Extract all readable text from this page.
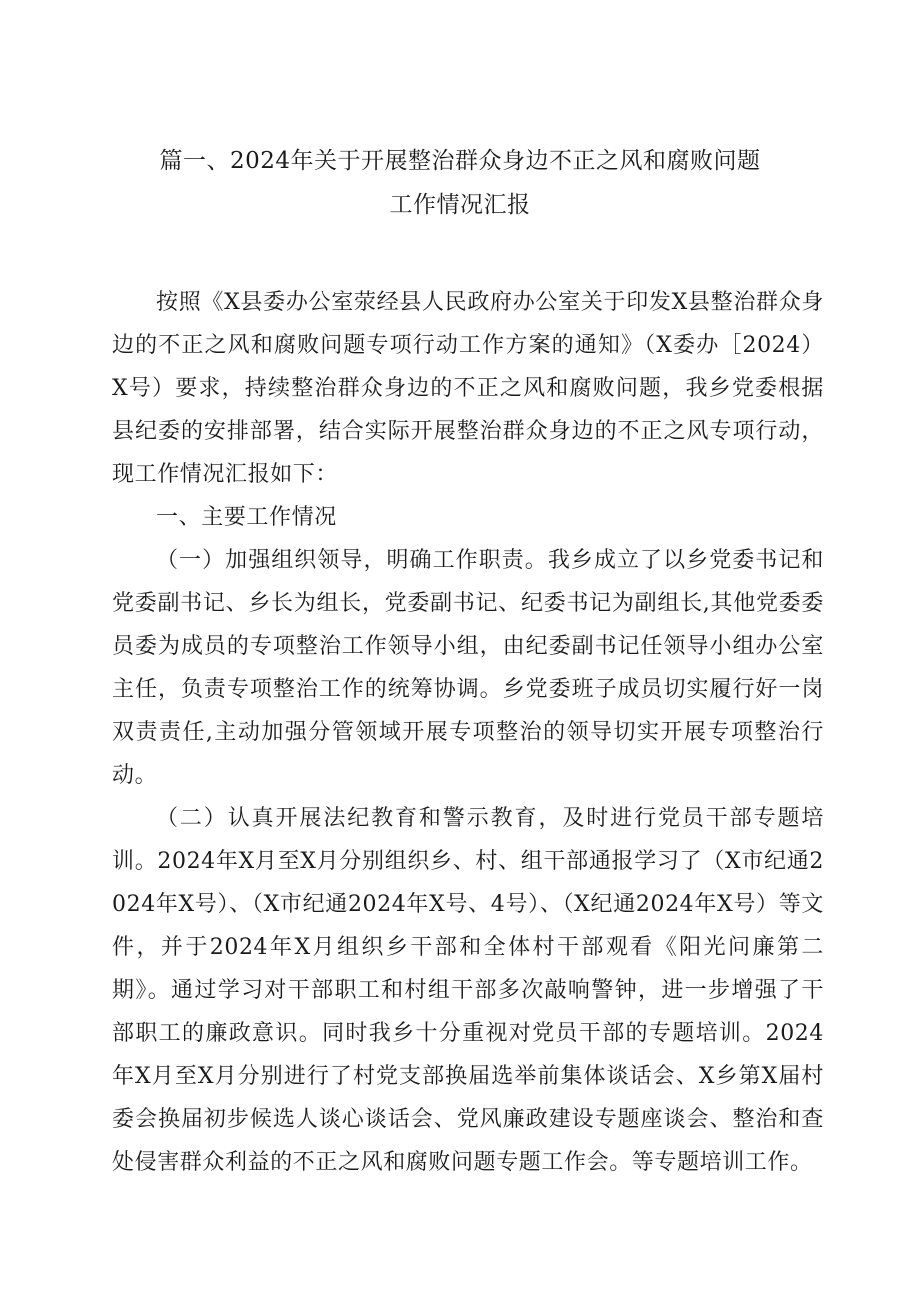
篇一、2024年关于开展整治群众身边不正之风和腐败问题
工作情况汇报

按照《X县委办公室荥经县人民政府办公室关于印发X县整治群众身边的不正之风和腐败问题专项行动工作方案的通知》（X委办［2024）X号）要求，持续整治群众身边的不正之风和腐败问题，我乡党委根据县纪委的安排部署，结合实际开展整治群众身边的不正之风专项行动，现工作情况汇报如下：

一、主要工作情况

（一）加强组织领导，明确工作职责。我乡成立了以乡党委书记和党委副书记、乡长为组长，党委副书记、纪委书记为副组长,其他党委委员委为成员的专项整治工作领导小组，由纪委副书记任领导小组办公室主任，负责专项整治工作的统筹协调。乡党委班子成员切实履行好一岗双责责任,主动加强分管领域开展专项整治的领导切实开展专项整治行动。

（二）认真开展法纪教育和警示教育，及时进行党员干部专题培训。2024年X月至X月分别组织乡、村、组干部通报学习了（X市纪通2024年X号）、（X市纪通2024年X号、4号）、（X纪通2024年X号）等文件，并于2024年X月组织乡干部和全体村干部观看《阳光问廉第二期》。通过学习对干部职工和村组干部多次敲响警钟，进一步增强了干部职工的廉政意识。同时我乡十分重视对党员干部的专题培训。2024年X月至X月分别进行了村党支部换届选举前集体谈话会、X乡第X届村委会换届初步候选人谈心谈话会、党风廉政建设专题座谈会、整治和查处侵害群众利益的不正之风和腐败问题专题工作会。等专题培训工作。
